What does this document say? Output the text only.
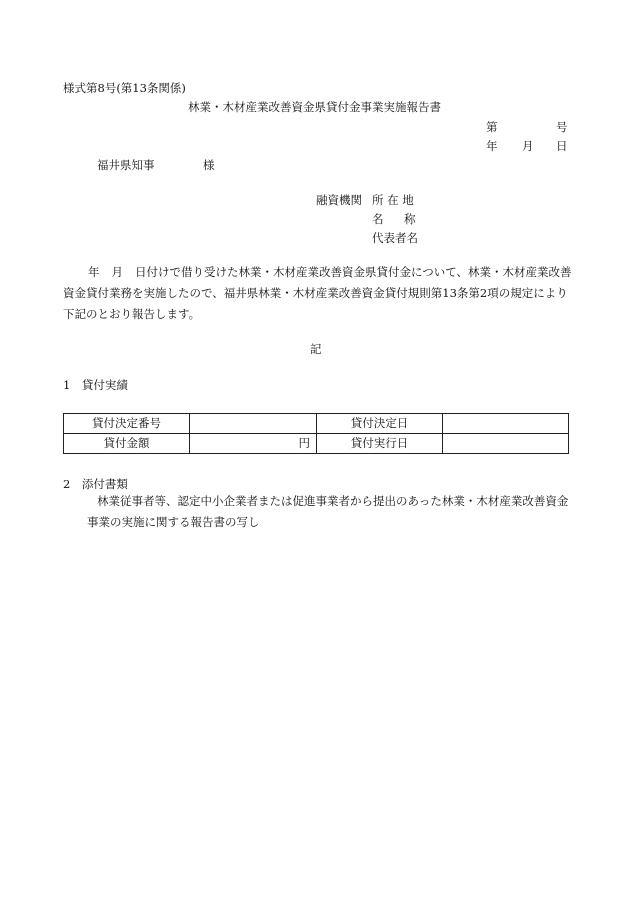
様式第8号(第13条関係)
林業・木材産業改善資金県貸付金事業実施報告書
第	号
年 月 日
福井県知事	様
融資機関 所 在 地
名 称
代表者名
年 月 日付けで借り受けた林業・木材産業改善資金県貸付金について、林業・木材産業改善資金貸付業務を実施したので、福井県林業・木材産業改善資金貸付規則第13条第2項の規定により下記のとおり報告します。
記
1　貸付実績
貸付決定番号		貸付決定日	
貸付金額	円	貸付実行日	
2　添付書類
林業従事者等、認定中小企業者または促進事業者から提出のあった林業・木材産業改善資金事業の実施に関する報告書の写し
